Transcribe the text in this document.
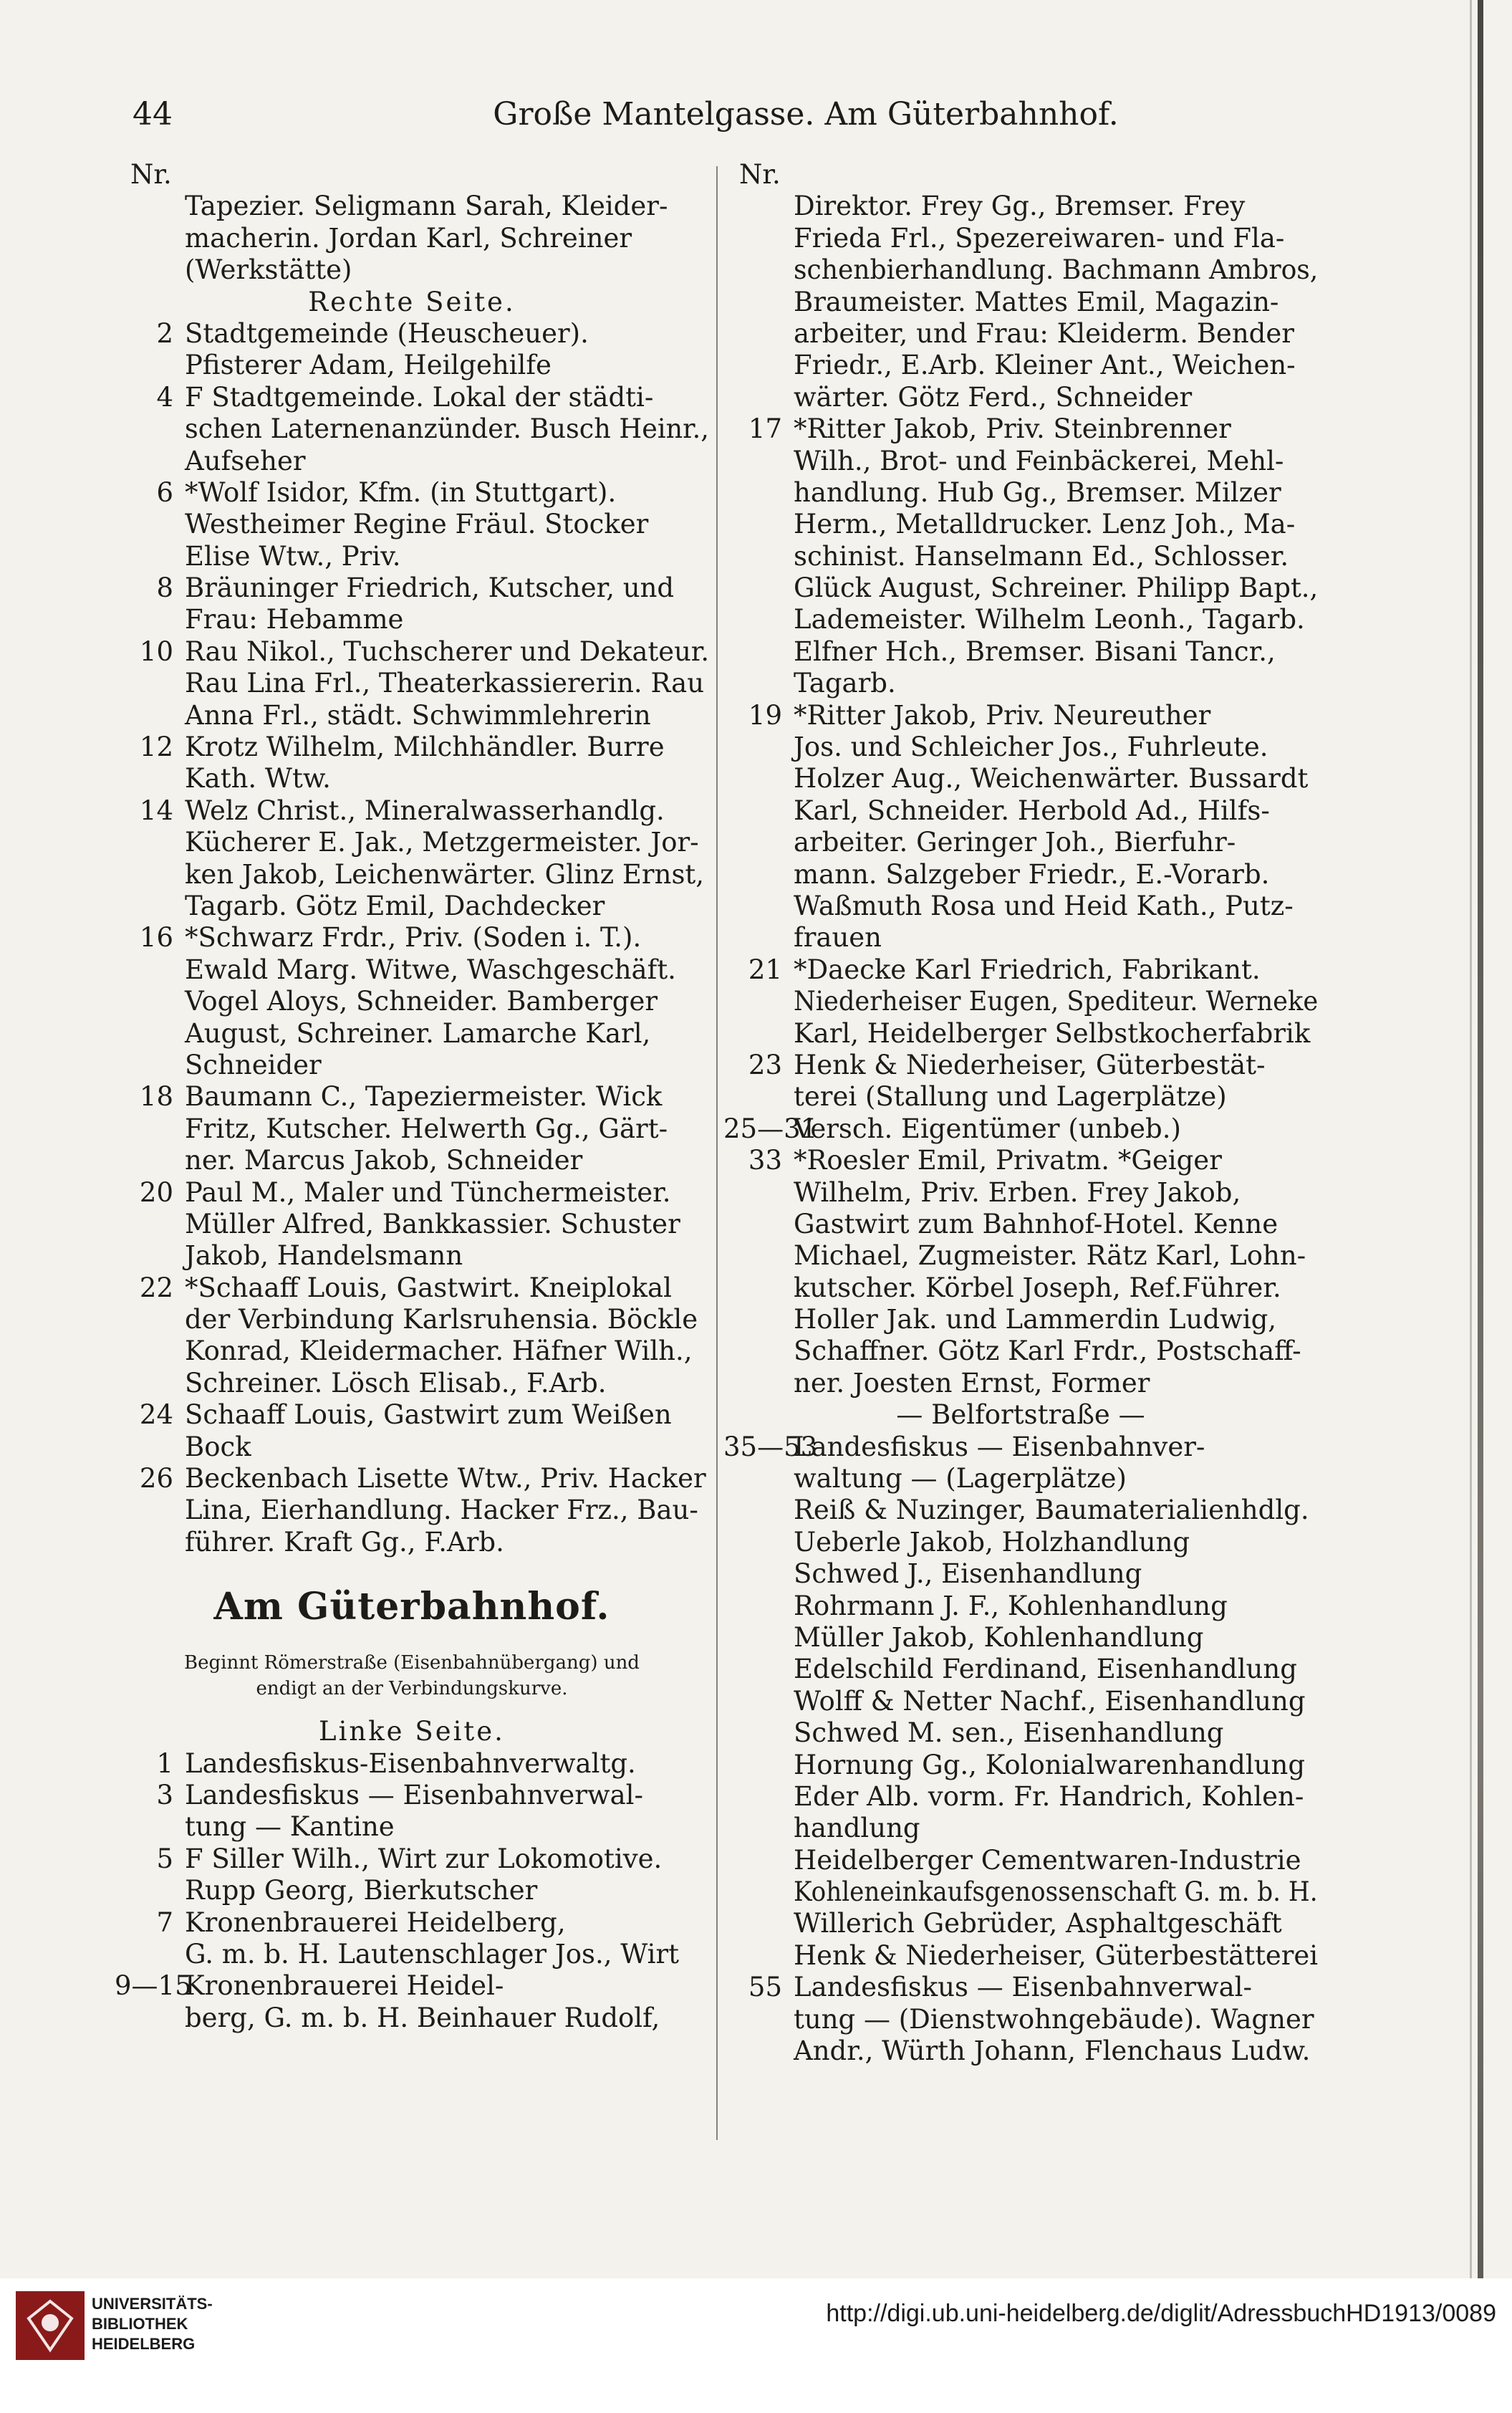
44	Große Mantelgasse. Am Güterbahnhof.
Nr.
Tapezier. Seligmann Sarah, Kleider-
macherin. Jordan Karl, Schreiner
(Werkstätte)
Rechte Seite.
2 Stadtgemeinde (Heuscheuer).
Pfisterer Adam, Heilgehilfe
4 F Stadtgemeinde. Lokal der städti-
schen Laternenanzünder. Busch Heinr.,
Aufseher
6 *Wolf Isidor, Kfm. (in Stuttgart).
Westheimer Regine Fräul. Stocker
Elise Wtw., Priv.
8 Bräuninger Friedrich, Kutscher, und
Frau: Hebamme
10 Rau Nikol., Tuchscherer und Dekateur.
Rau Lina Frl., Theaterkassiererin. Rau
Anna Frl., städt. Schwimmlehrerin
12 Krotz Wilhelm, Milchhändler. Burre
Kath. Wtw.
14 Welz Christ., Mineralwasserhandlg.
Kücherer E. Jak., Metzgermeister. Jor-
ken Jakob, Leichenwärter. Glinz Ernst,
Tagarb. Götz Emil, Dachdecker
16 *Schwarz Frdr., Priv. (Soden i. T.).
Ewald Marg. Witwe, Waschgeschäft.
Vogel Aloys, Schneider. Bamberger
August, Schreiner. Lamarche Karl,
Schneider
18 Baumann C., Tapeziermeister. Wick
Fritz, Kutscher. Helwerth Gg., Gärt-
ner. Marcus Jakob, Schneider
20 Paul M., Maler und Tünchermeister.
Müller Alfred, Bankkassier. Schuster
Jakob, Handelsmann
22 *Schaaff Louis, Gastwirt. Kneiplokal
der Verbindung Karlsruhensia. Böckle
Konrad, Kleidermacher. Häfner Wilh.,
Schreiner. Lösch Elisab., F.Arb.
24 Schaaff Louis, Gastwirt zum Weißen
Bock
26 Beckenbach Lisette Wtw., Priv. Hacker
Lina, Eierhandlung. Hacker Frz., Bau-
führer. Kraft Gg., F.Arb.
Am Güterbahnhof.
Beginnt Römerstraße (Eisenbahnübergang) und
endigt an der Verbindungskurve.
Linke Seite.
1 Landesfiskus-Eisenbahnverwaltg.
3 Landesfiskus — Eisenbahnverwal-
tung — Kantine
5 F Siller Wilh., Wirt zur Lokomotive.
Rupp Georg, Bierkutscher
7 Kronenbrauerei Heidelberg,
G. m. b. H. Lautenschlager Jos., Wirt
9—15
Kronenbrauerei Heidel-
berg, G. m. b. H. Beinhauer Rudolf,
Nr.
Direktor. Frey Gg., Bremser. Frey
Frieda Frl., Spezereiwaren- und Fla-
schenbierhandlung. Bachmann Ambros,
Braumeister. Mattes Emil, Magazin-
arbeiter, und Frau: Kleiderm. Bender
Friedr., E.Arb. Kleiner Ant., Weichen-
wärter. Götz Ferd., Schneider
17 *Ritter Jakob, Priv. Steinbrenner
Wilh., Brot- und Feinbäckerei, Mehl-
handlung. Hub Gg., Bremser. Milzer
Herm., Metalldrucker. Lenz Joh., Ma-
schinist. Hanselmann Ed., Schlosser.
Glück August, Schreiner. Philipp Bapt.,
Lademeister. Wilhelm Leonh., Tagarb.
Elfner Hch., Bremser. Bisani Tancr.,
Tagarb.
19 *Ritter Jakob, Priv. Neureuther
Jos. und Schleicher Jos., Fuhrleute.
Holzer Aug., Weichenwärter. Bussardt
Karl, Schneider. Herbold Ad., Hilfs-
arbeiter. Geringer Joh., Bierfuhr-
mann. Salzgeber Friedr., E.-Vorarb.
Waßmuth Rosa und Heid Kath., Putz-
frauen
21 *Daecke Karl Friedrich, Fabrikant.
Niederheiser Eugen, Spediteur. Werneke
Karl, Heidelberger Selbstkocherfabrik
23 Henk & Niederheiser, Güterbestät-
terei (Stallung und Lagerplätze)
25—31
Versch. Eigentümer (unbeb.)
33 *Roesler Emil, Privatm. *Geiger
Wilhelm, Priv. Erben. Frey Jakob,
Gastwirt zum Bahnhof-Hotel. Kenne
Michael, Zugmeister. Rätz Karl, Lohn-
kutscher. Körbel Joseph, Ref.Führer.
Holler Jak. und Lammerdin Ludwig,
Schaffner. Götz Karl Frdr., Postschaff-
ner. Joesten Ernst, Former
— Belfortstraße —
35—53
Landesfiskus — Eisenbahnver-
waltung — (Lagerplätze)
Reiß & Nuzinger, Baumaterialienhdlg.
Ueberle Jakob, Holzhandlung
Schwed J., Eisenhandlung
Rohrmann J. F., Kohlenhandlung
Müller Jakob, Kohlenhandlung
Edelschild Ferdinand, Eisenhandlung
Wolff & Netter Nachf., Eisenhandlung
Schwed M. sen., Eisenhandlung
Hornung Gg., Kolonialwarenhandlung
Eder Alb. vorm. Fr. Handrich, Kohlen-
handlung
Heidelberger Cementwaren-Industrie
Kohleneinkaufsgenossenschaft G. m. b. H.
Willerich Gebrüder, Asphaltgeschäft
Henk & Niederheiser, Güterbestätterei
55 Landesfiskus — Eisenbahnverwal-
tung — (Dienstwohngebäude). Wagner
Andr., Würth Johann, Flenchaus Ludw.
UNIVERSITÄTS-
BIBLIOTHEK
HEIDELBERG
http://digi.ub.uni-heidelberg.de/diglit/AdressbuchHD1913/0089
